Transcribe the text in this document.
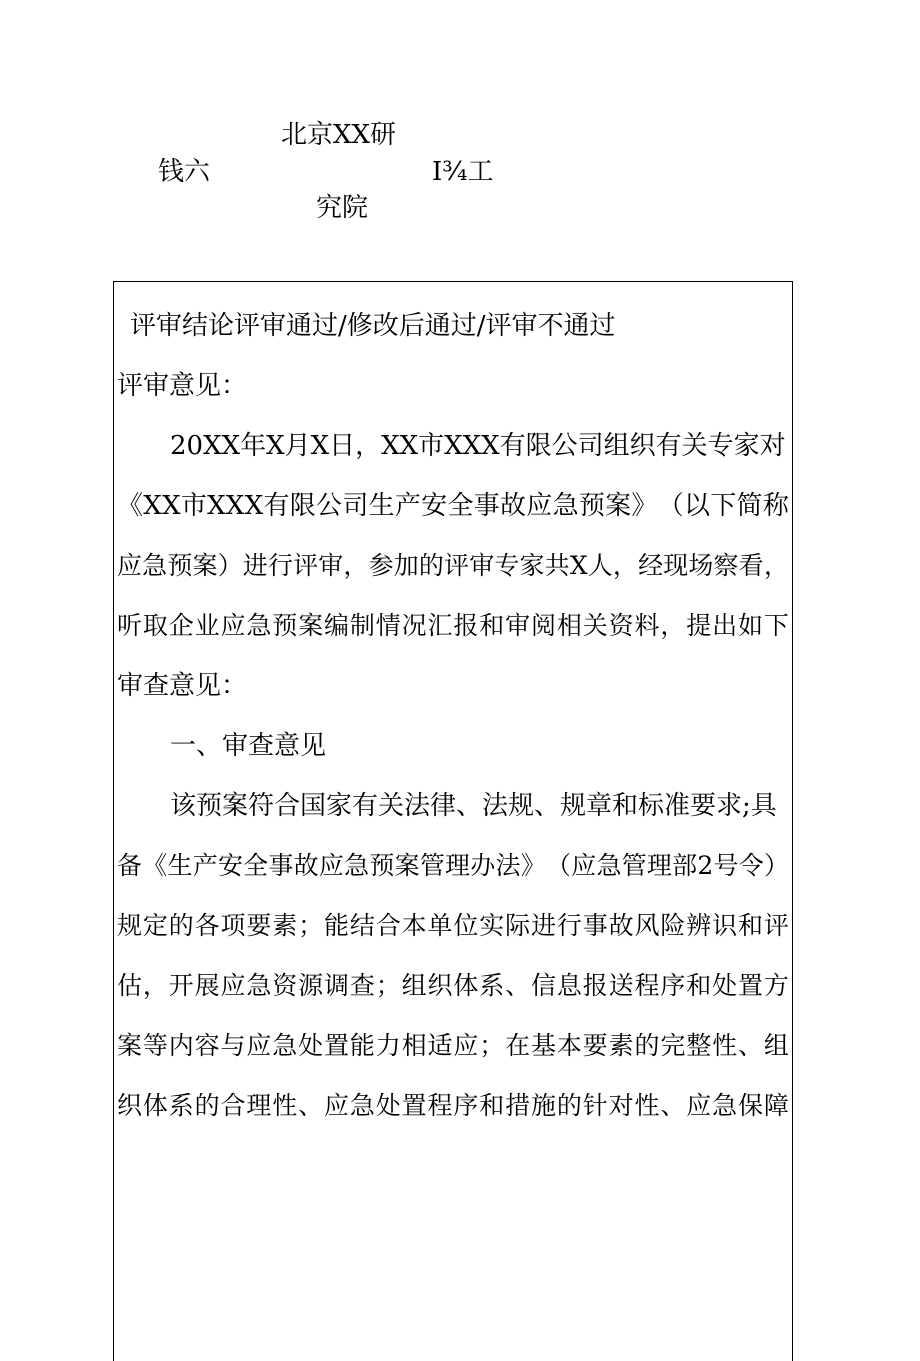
北京XX研
钱六	I¾工
究院
评审结论评审通过/修改后通过/评审不通过
评审意见：
20XX年X月X日，XX市XXX有限公司组织有关专家对
《 X X 市 X X X 有 限 公 司 生 产 安 全 事 故 应 急 预 案 》 （ 以 下 简 称
应 急 预 案 ） 进 行 评 审 ， 参 加 的 评 审 专 家 共 X 人 ， 经 现 场 察 看 ，
听 取 企 业 应 急 预 案 编 制 情 况 汇 报 和 审 阅 相 关 资 料 ， 提 出 如 下
审查意见：
一、审查意见
该预案符合国家有关法律、法规、规章和标准要求;具
备 《 生 产 安 全 事 故 应 急 预 案 管 理 办 法 》 （ 应 急 管 理 部 2 号 令 ）
规 定 的 各 项 要 素 ； 能 结 合 本 单 位 实 际 进 行 事 故 风 险 辨 识 和 评
估 ， 开 展 应 急 资 源 调 查 ； 组 织 体 系 、 信 息 报 送 程 序 和 处 置 方
案 等 内 容 与 应 急 处 置 能 力 相 适 应 ； 在 基 本 要 素 的 完 整 性 、 组
织 体 系 的 合 理 性 、 应 急 处 置 程 序 和 措 施 的 针 对 性 、 应 急 保 障
